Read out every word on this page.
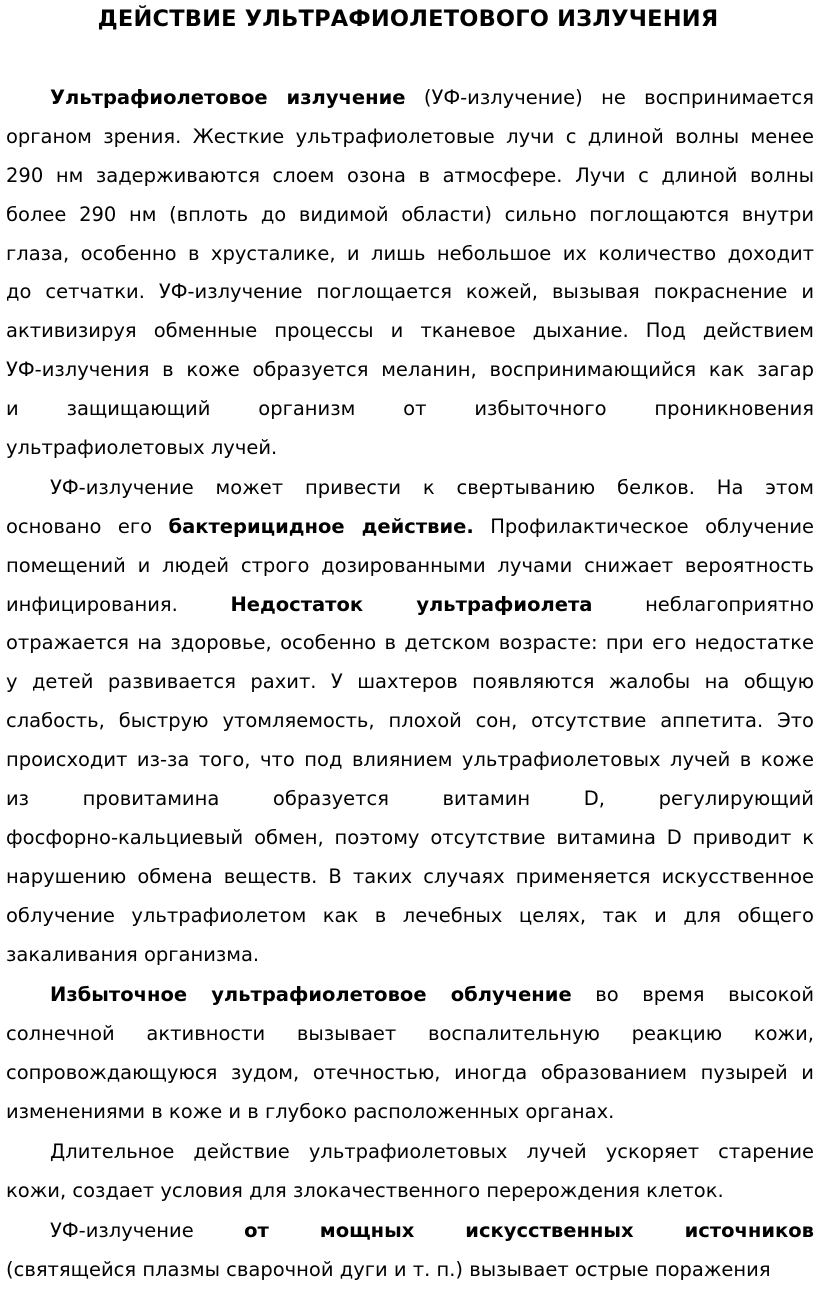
ДЕЙСТВИЕ УЛЬТРАФИОЛЕТОВОГО ИЗЛУЧЕНИЯ
Ультрафиолетовое излучение (УФ-излучение) не воспринимается
органом зрения. Жесткие ультрафиолетовые лучи с длиной волны менее
290 нм задерживаются слоем озона в атмосфере. Лучи с длиной волны
более 290 нм (вплоть до видимой области) сильно поглощаются внутри
глаза, особенно в хрусталике, и лишь небольшое их количество доходит
до сетчатки. УФ-излучение поглощается кожей, вызывая покраснение и
активизируя обменные процессы и тканевое дыхание. Под действием
УФ-излучения в коже образуется меланин, воспринимающийся как загар
и защищающий организм от избыточного проникновения
ультрафиолетовых лучей.
УФ-излучение может привести к свертыванию белков. На этом
основано его бактерицидное действие. Профилактическое облучение
помещений и людей строго дозированными лучами снижает вероятность
инфицирования. Недостаток ультрафиолета неблагоприятно
отражается на здоровье, особенно в детском возрасте: при его недостатке
у детей развивается рахит. У шахтеров появляются жалобы на общую
слабость, быструю утомляемость, плохой сон, отсутствие аппетита. Это
происходит из-за того, что под влиянием ультрафиолетовых лучей в коже
из провитамина образуется витамин D, регулирующий
фосфорно-кальциевый обмен, поэтому отсутствие витамина D приводит к
нарушению обмена веществ. В таких случаях применяется искусственное
облучение ультрафиолетом как в лечебных целях, так и для общего
закаливания организма.
Избыточное ультрафиолетовое облучение во время высокой
солнечной активности вызывает воспалительную реакцию кожи,
сопровождающуюся зудом, отечностью, иногда образованием пузырей и
изменениями в коже и в глубоко расположенных органах.
Длительное действие ультрафиолетовых лучей ускоряет старение
кожи, создает условия для злокачественного перерождения клеток.
УФ-излучение от мощных искусственных источников
(святящейся плазмы сварочной дуги и т. п.) вызывает острые поражения
